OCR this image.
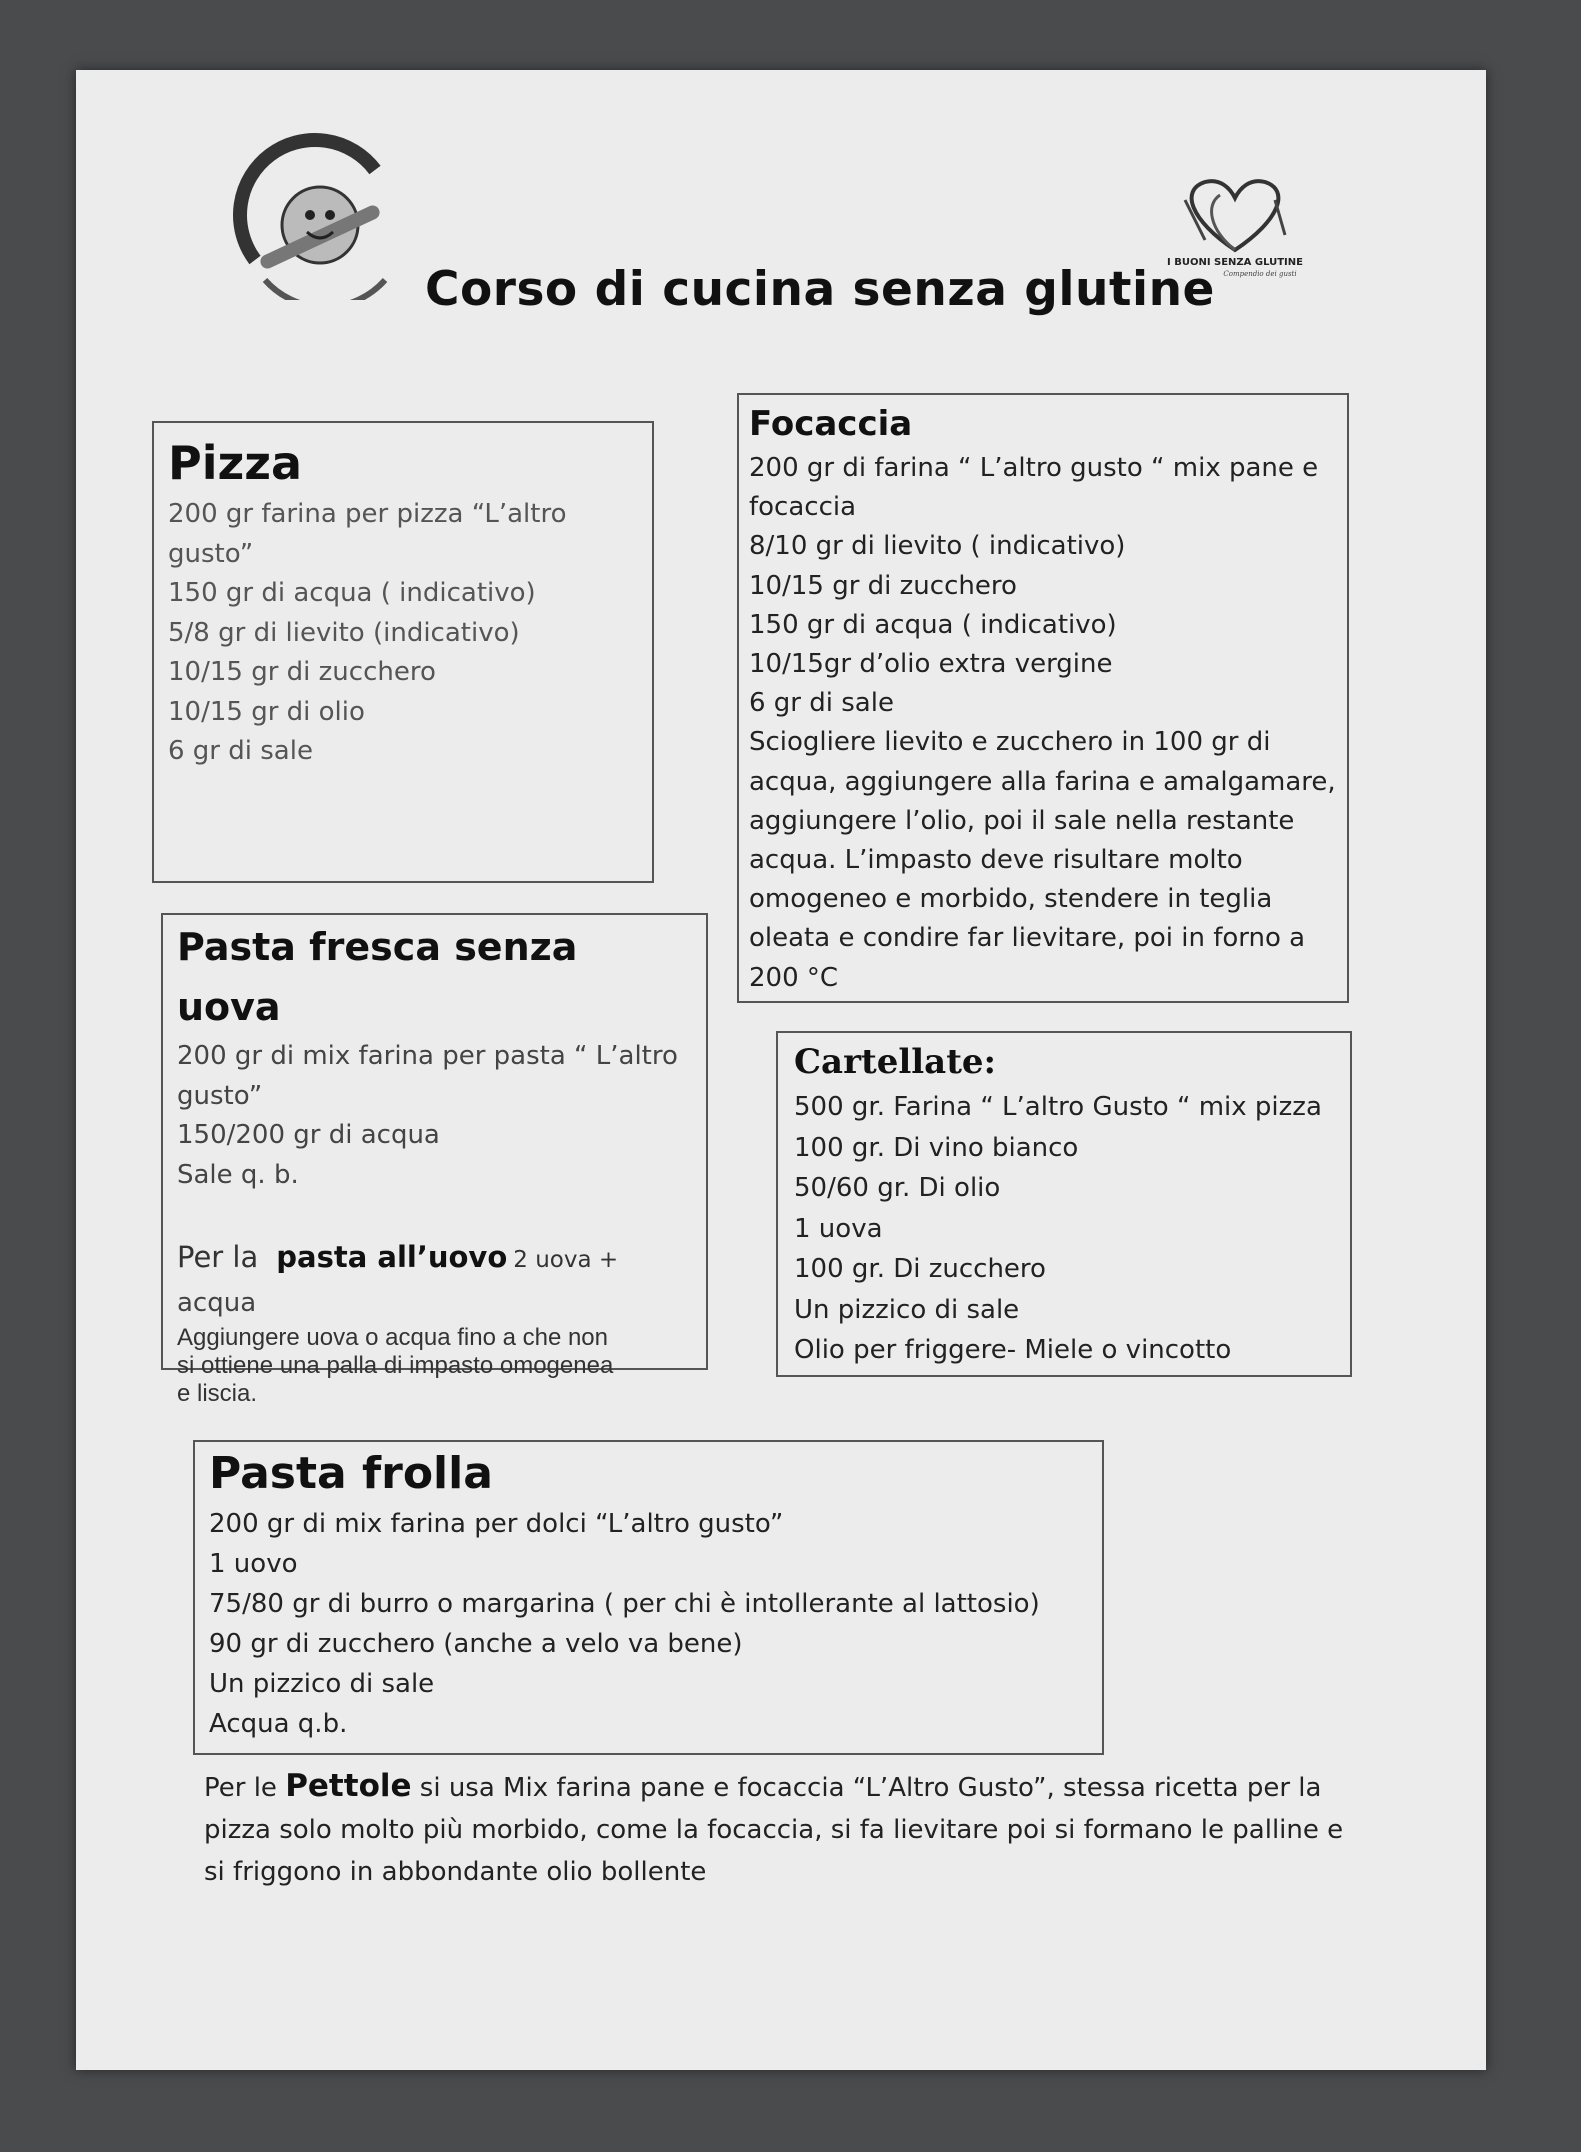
I BUONI SENZA GLUTINE
Compendio dei gusti
Corso di cucina senza glutine
Pizza
200 gr farina per pizza “L’altro
gusto”
150 gr di acqua ( indicativo)
5/8 gr di lievito (indicativo)
10/15 gr di zucchero
10/15 gr di olio
6 gr di sale
Focaccia
200 gr di farina “ L’altro gusto “ mix pane e
focaccia
8/10 gr di lievito ( indicativo)
10/15 gr di zucchero
150 gr di acqua ( indicativo)
10/15gr d’olio extra vergine
6 gr di sale
Sciogliere lievito e zucchero in 100 gr di
acqua, aggiungere alla farina e amalgamare,
aggiungere l’olio, poi il sale nella restante
acqua. L’impasto deve risultare molto
omogeneo e morbido, stendere in teglia
oleata e condire far lievitare, poi in forno a
200 °C
Pasta fresca senza uova
200 gr di mix farina per pasta “ L’altro
gusto”
150/200 gr di acqua
Sale q. b.
Per la pasta all’uovo 2 uova +
acqua
Aggiungere uova o acqua fino a che non
si ottiene una palla di impasto omogenea
e liscia.
Cartellate:
500 gr. Farina “ L’altro Gusto “ mix pizza
100 gr. Di vino bianco
50/60 gr. Di olio
1 uova
100 gr. Di zucchero
Un pizzico di sale
Olio per friggere- Miele o vincotto
Pasta frolla
200 gr di mix farina per dolci “L’altro gusto”
1 uovo
75/80 gr di burro o margarina ( per chi è intollerante al lattosio)
90 gr di zucchero (anche a velo va bene)
Un pizzico di sale
Acqua q.b.
Per le Pettole si usa Mix farina pane e focaccia “L’Altro Gusto”, stessa ricetta per la pizza solo molto più morbido, come la focaccia, si fa lievitare poi si formano le palline e si friggono in abbondante olio bollente
